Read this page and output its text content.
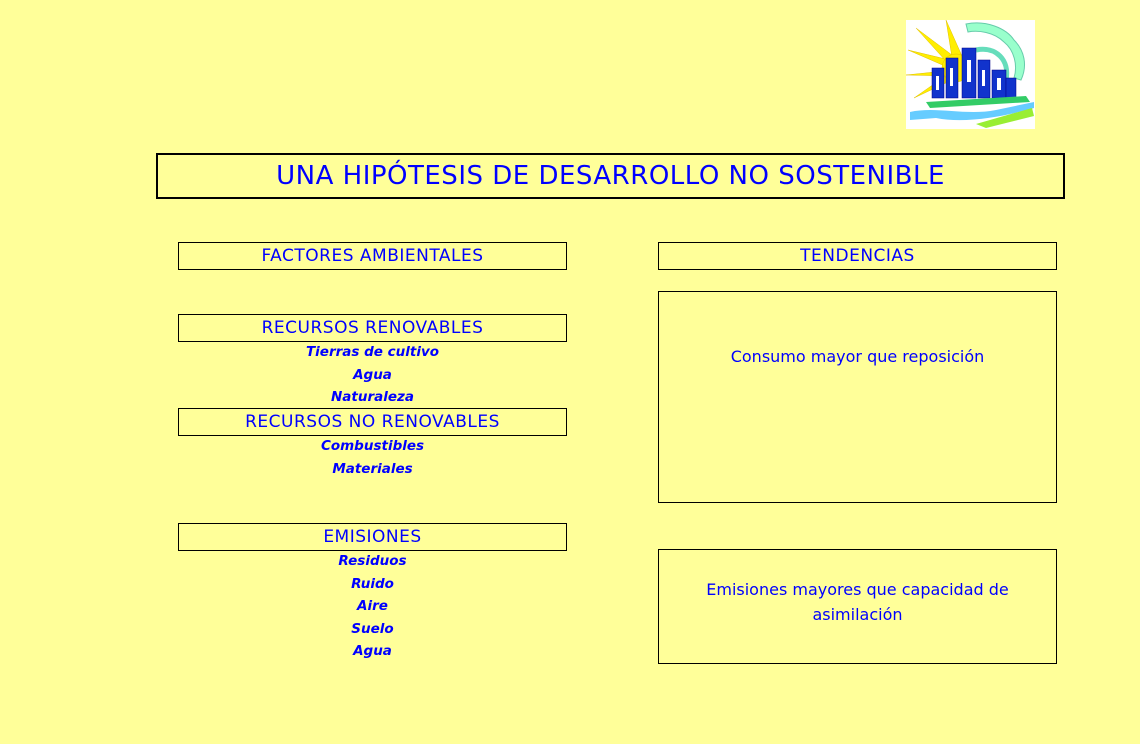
UNA HIPÓTESIS DE DESARROLLO NO SOSTENIBLE
FACTORES AMBIENTALES	TENDENCIAS
RECURSOS RENOVABLES
Tierras de cultivo
Agua
Naturaleza
RECURSOS NO RENOVABLES
Combustibles
Materiales
EMISIONES
Residuos
Ruido
Aire
Suelo
Agua
Consumo mayor que reposición
Emisiones mayores que capacidad de
asimilación
